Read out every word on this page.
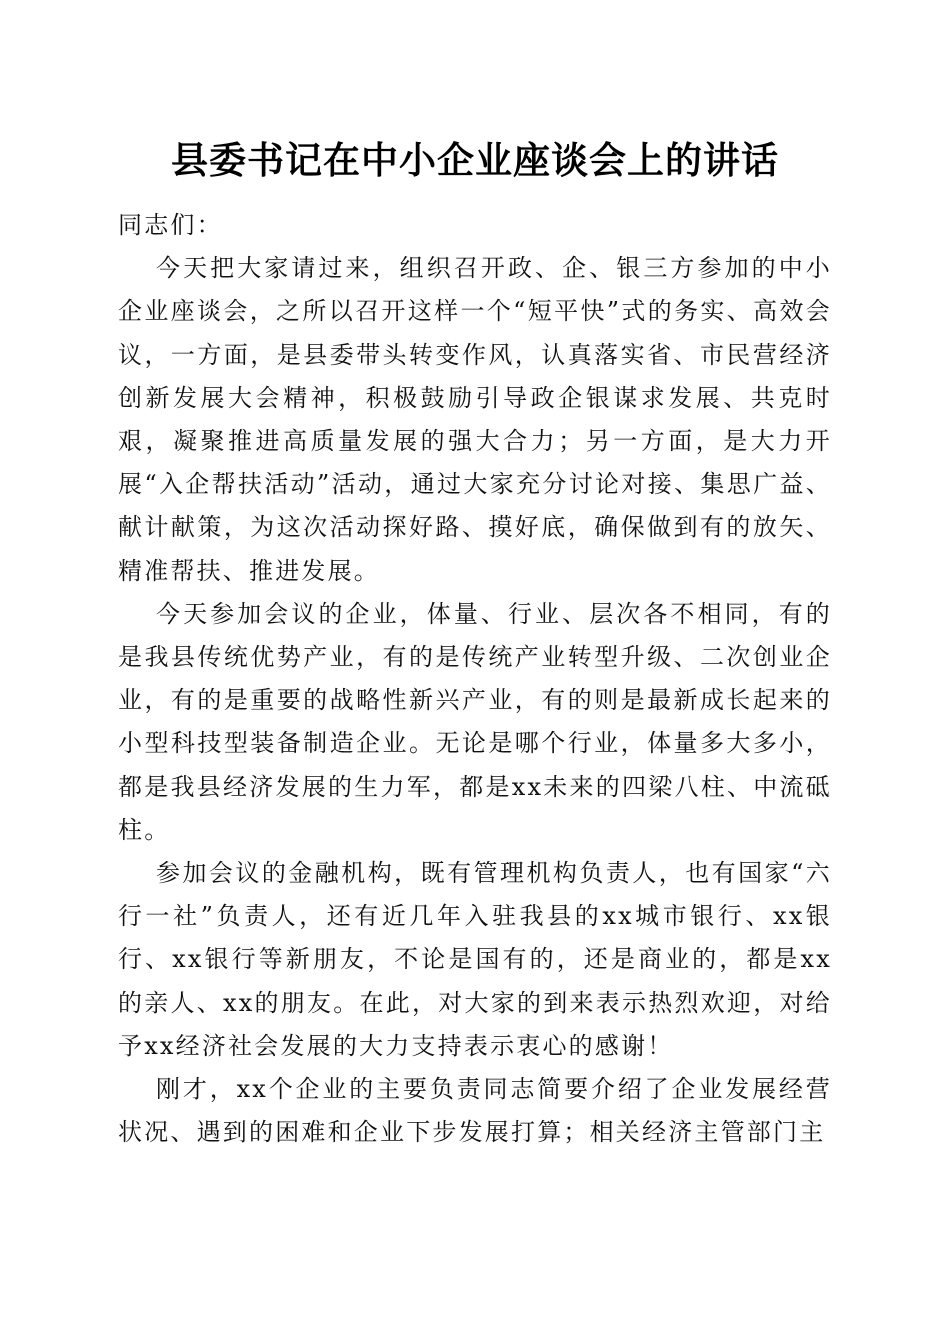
县委书记在中小企业座谈会上的讲话

同志们：

今天把大家请过来，组织召开政、企、银三方参加的中小企业座谈会，之所以召开这样一个“短平快”式的务实、高效会议，一方面，是县委带头转变作风，认真落实省、市民营经济创新发展大会精神，积极鼓励引导政企银谋求发展、共克时艰，凝聚推进高质量发展的强大合力；另一方面，是大力开展“入企帮扶活动”活动，通过大家充分讨论对接、集思广益、献计献策，为这次活动探好路、摸好底，确保做到有的放矢、精准帮扶、推进发展。

今天参加会议的企业，体量、行业、层次各不相同，有的是我县传统优势产业，有的是传统产业转型升级、二次创业企业，有的是重要的战略性新兴产业，有的则是最新成长起来的小型科技型装备制造企业。无论是哪个行业，体量多大多小，都是我县经济发展的生力军，都是xx未来的四梁八柱、中流砥柱。

参加会议的金融机构，既有管理机构负责人，也有国家“六行一社”负责人，还有近几年入驻我县的xx城市银行、xx银行、xx银行等新朋友，不论是国有的，还是商业的，都是xx的亲人、xx的朋友。在此，对大家的到来表示热烈欢迎，对给予xx经济社会发展的大力支持表示衷心的感谢！

刚才，xx个企业的主要负责同志简要介绍了企业发展经营状况、遇到的困难和企业下步发展打算；相关经济主管部门主
